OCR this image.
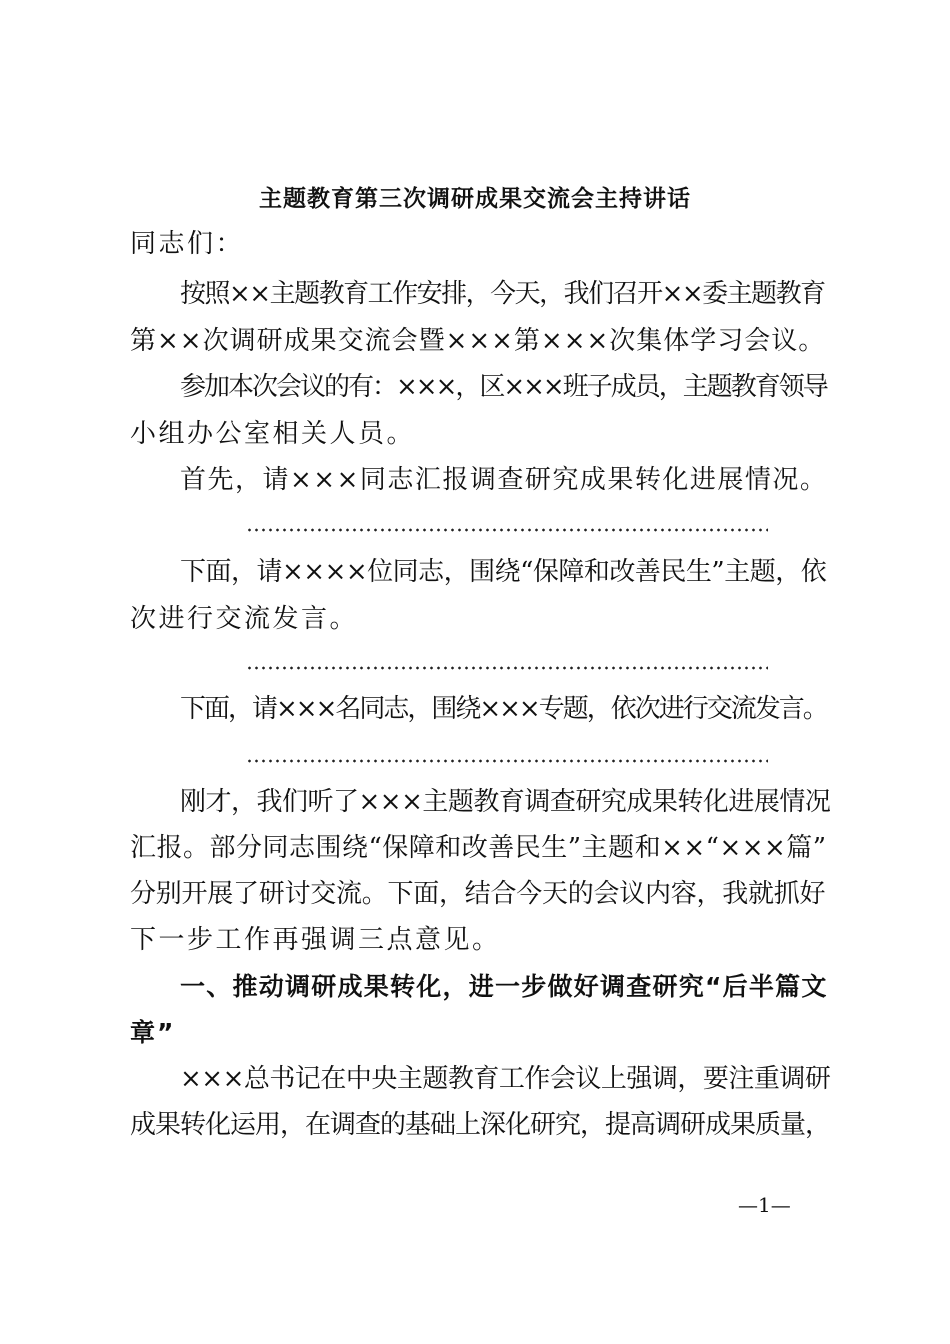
主题教育第三次调研成果交流会主持讲话

同志们：

按照××主题教育工作安排，今天，我们召开××委主题教育

第××次调研成果交流会暨×××第×××次集体学习会议。

参加本次会议的有：×××，区×××班子成员，主题教育领导

小组办公室相关人员。

首先，请×××同志汇报调查研究成果转化进展情况。

下面，请××××位同志，围绕“保障和改善民生”主题，依

次进行交流发言。

下面，请×××名同志，围绕×××专题，依次进行交流发言。

刚才，我们听了×××主题教育调查研究成果转化进展情况

汇报。部分同志围绕“保障和改善民生”主题和××“×××篇”

分别开展了研讨交流。下面，结合今天的会议内容，我就抓好

下一步工作再强调三点意见。

一、推动调研成果转化，进一步做好调查研究“后半篇文
章”

×××总书记在中央主题教育工作会议上强调，要注重调研

成果转化运用，在调查的基础上深化研究，提高调研成果质量，

—1—
